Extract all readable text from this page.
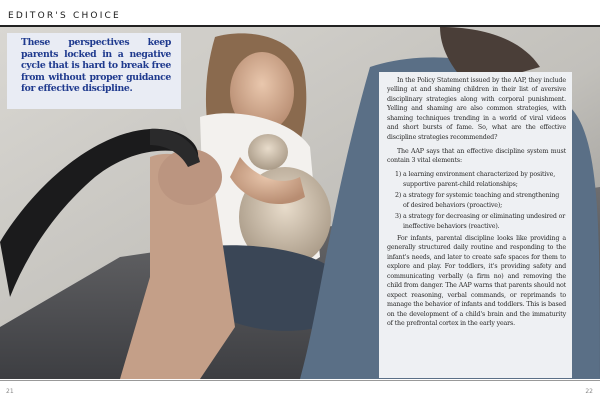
EDITOR'S CHOICE

These perspectives keep parents locked in a negative cycle that is hard to break free from without proper guidance for effective discipline.

In the Policy Statement issued by the AAP, they include yelling at and shaming children in their list of aversive disciplinary strategies along with corporal punishment. Yelling and shaming are also common strategies, with shaming techniques trending in a world of viral videos and short bursts of fame. So, what are the effective discipline strategies recommended?

The AAP says that an effective discipline system must contain 3 vital elements:

1) a learning environment characterized by positive, supportive parent-child relationships;
2) a strategy for systemic teaching and strengthening of desired behaviors (proactive);
3) a strategy for decreasing or eliminating undesired or ineffective behaviors (reactive).

For infants, parental discipline looks like providing a generally structured daily routine and responding to the infant's needs, and later to create safe spaces for them to explore and play. For toddlers, it's providing safety and communicating verbally (a firm no) and removing the child from danger. The AAP warns that parents should not expect reasoning, verbal commands, or reprimands to manage the behavior of infants and toddlers. This is based on the development of a child's brain and the immaturity of the prefrontal cortex in the early years.

21	22
